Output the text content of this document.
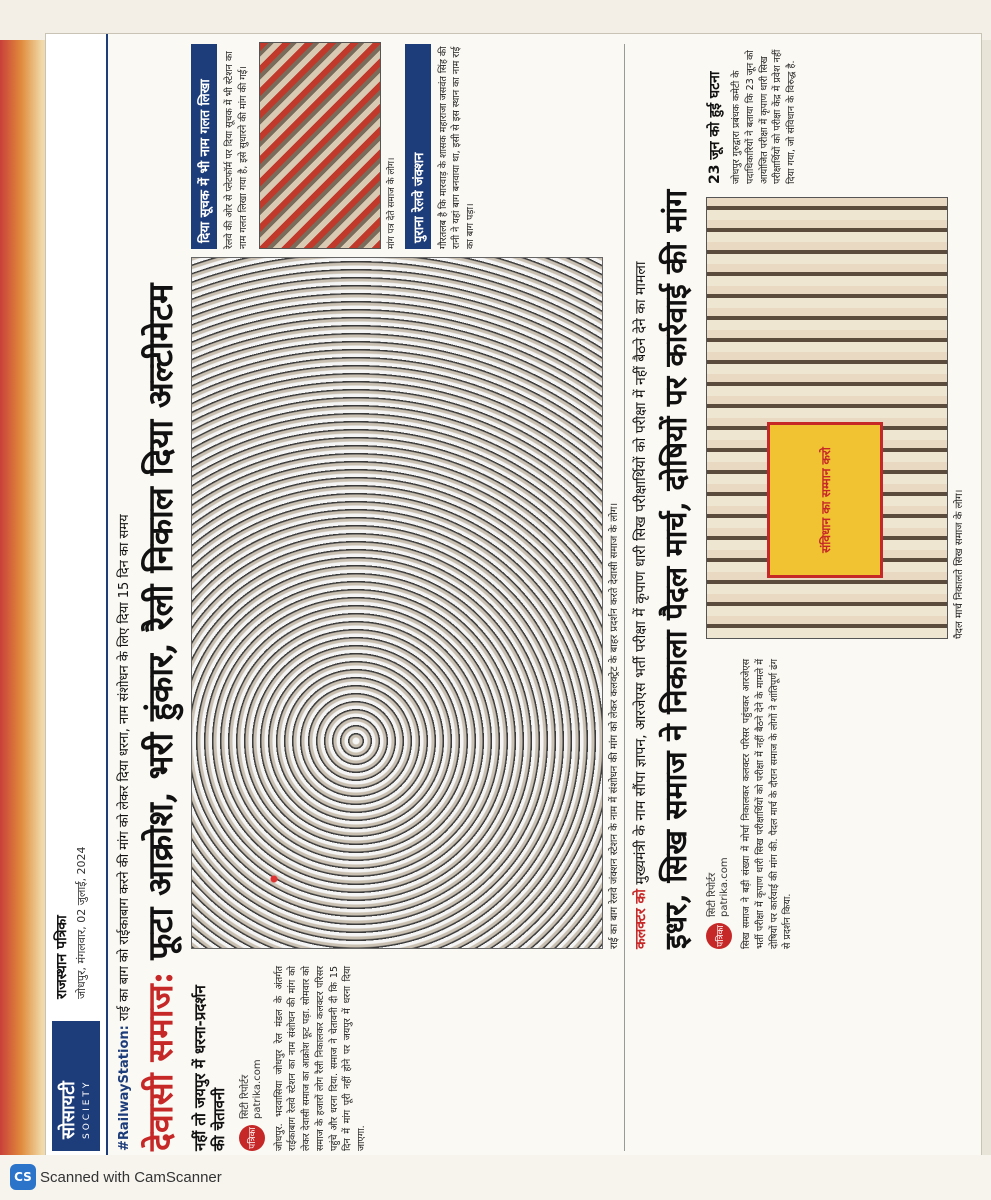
सोसायटी SOCIETY
राजस्थान पत्रिका जोधपुर, मंगलवार, 02 जुलाई, 2024
#RailwayStation: राई का बाग को राईकाबाग करने की मांग को लेकर दिया धरना, नाम संशोधन के लिए दिया 15 दिन का समय
देवासी समाज: फूटा आक्रोश, भरी हुंकार, रैली निकाल दिया अल्टीमेटम
नहीं तो जयपुर में धरना-प्रदर्शन की चेतावनी	पत्रिका
सिटी रिपोर्टर
patrika.com जोधपुर. भदवासिया जोधपुर रेल मंडल के अंतर्गत राईकाबाग रेलवे स्टेशन का नाम संशोधन की मांग को लेकर देवासी समाज का आक्रोश फूट पड़ा. सोमवार को समाज के हजारों लोग रैली निकालकर कलक्टर परिसर पहुंचे और धरना दिया. समाज ने चेतावनी दी कि 15 दिन में मांग पूरी नहीं होने पर जयपुर में धरना दिया जाएगा.
राई का बाग रेलवे जंक्शन स्टेशन के नाम में संशोधन की मांग को लेकर कलक्ट्रेट के बाहर प्रदर्शन करते देवासी समाज के लोग।
दिया सूचक में भी नाम गलत लिखा	रेलवे की ओर से प्लेटफॉर्म पर दिया सूचक में भी स्टेशन का नाम गलत लिखा गया है, इसे सुधारने की मांग की गई।	मांग पत्र देते समाज के लोग।	पुराना रेलवे जंक्शन	गौरतलब है कि मारवाड़ के शासक महाराजा जसवंत सिंह की रानी ने यहां बाग बनवाया था, इसी से इस स्थान का नाम राई का बाग पड़ा।
कलक्टर को मुख्यमंत्री के नाम सौंपा ज्ञापन, आरजेएस भर्ती परीक्षा में कृपाण धारी सिख परीक्षार्थियों को परीक्षा में नहीं बैठने देने का मामला इधर, सिख समाज ने निकाला पैदल मार्च, दोषियों पर कार्रवाई की मांग	पत्रिका
सिटी रिपोर्टर
patrika.com सिख समाज ने बड़ी संख्या में मोर्चा निकालकर कलक्टर परिसर पहुंचकर आरजेएस भर्ती परीक्षा में कृपाण धारी सिख परीक्षार्थियों को परीक्षा में नहीं बैठने देने के मामले में दोषियों पर कार्रवाई की मांग की. पैदल मार्च के दौरान समाज के लोगों ने शांतिपूर्ण ढंग से प्रदर्शन किया.
संविधान का सम्मान करो	पैदल मार्च निकालते सिख समाज के लोग।
23 जून को हुई घटना जोधपुर गुरुद्वारा प्रबंधक कमेटी के पदाधिकारियों ने बताया कि 23 जून को आयोजित परीक्षा में कृपाण धारी सिख परीक्षार्थियों को परीक्षा केंद्र में प्रवेश नहीं दिया गया, जो संविधान के विरुद्ध है.
CS Scanned with CamScanner
